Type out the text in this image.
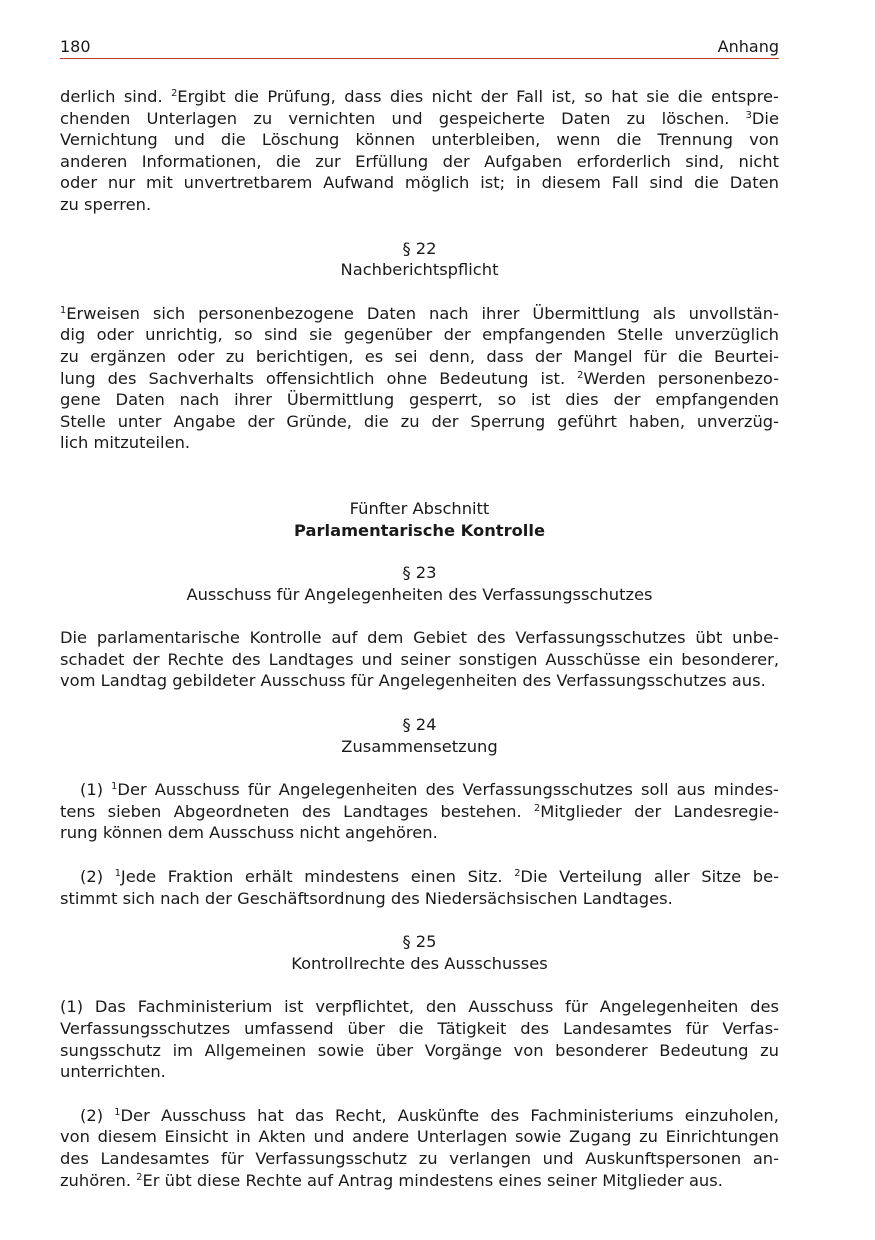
180	Anhang
derlich sind. $^2$Ergibt die Prüfung, dass dies nicht der Fall ist, so hat sie die entspre-
chenden Unterlagen zu vernichten und gespeicherte Daten zu löschen. $^3$Die
Vernichtung und die Löschung können unterbleiben, wenn die Trennung von
anderen Informationen, die zur Erfüllung der Aufgaben erforderlich sind, nicht
oder nur mit unvertretbarem Aufwand möglich ist; in diesem Fall sind die Daten
zu sperren.
§ 22
Nachberichtspflicht
$^1$Erweisen sich personenbezogene Daten nach ihrer Übermittlung als unvollstän-
dig oder unrichtig, so sind sie gegenüber der empfangenden Stelle unverzüglich
zu ergänzen oder zu berichtigen, es sei denn, dass der Mangel für die Beurtei-
lung des Sachverhalts ofensichtlich ohne Bedeutung ist. $^2$Werden personenbezo-
gene Daten nach ihrer Übermittlung gesperrt, so ist dies der empfangenden
Stelle unter Angabe der Gründe, die zu der Sperrung geführt haben, unverzüg-
lich mitzuteilen.
Fünfter Abschnitt
Parlamentarische Kontrolle
§ 23
Ausschuss für Angelegenheiten des Verfassungsschutzes
Die parlamentarische Kontrolle auf dem Gebiet des Verfassungsschutzes übt unbe-
schadet der Rechte des Landtages und seiner sonstigen Ausschüsse ein besonderer,
vom Landtag gebildeter Ausschuss für Angelegenheiten des Verfassungsschutzes aus.
§ 24
Zusammensetzung
(1) $^1$Der Ausschuss für Angelegenheiten des Verfassungsschutzes soll aus mindes-
tens sieben Abgeordneten des Landtages bestehen. $^2$Mitglieder der Landesregie-
rung können dem Ausschuss nicht angehören.
(2) $^1$Jede Fraktion erhält mindestens einen Sitz. $^2$Die Verteilung aller Sitze be-
stimmt sich nach der Geschäftsordnung des Niedersächsischen Landtages.
§ 25
Kontrollrechte des Ausschusses
(1) Das Fachministerium ist verpflichtet, den Ausschuss für Angelegenheiten des
Verfassungsschutzes umfassend über die Tätigkeit des Landesamtes für Verfas-
sungsschutz im Allgemeinen sowie über Vorgänge von besonderer Bedeutung zu
unterrichten.
(2) $^1$Der Ausschuss hat das Recht, Auskünfte des Fachministeriums einzuholen,
von diesem Einsicht in Akten und andere Unterlagen sowie Zugang zu Einrichtungen
des Landesamtes für Verfassungsschutz zu verlangen und Auskunftspersonen an-
zuhören. $^2$Er übt diese Rechte auf Antrag mindestens eines seiner Mitglieder aus.
